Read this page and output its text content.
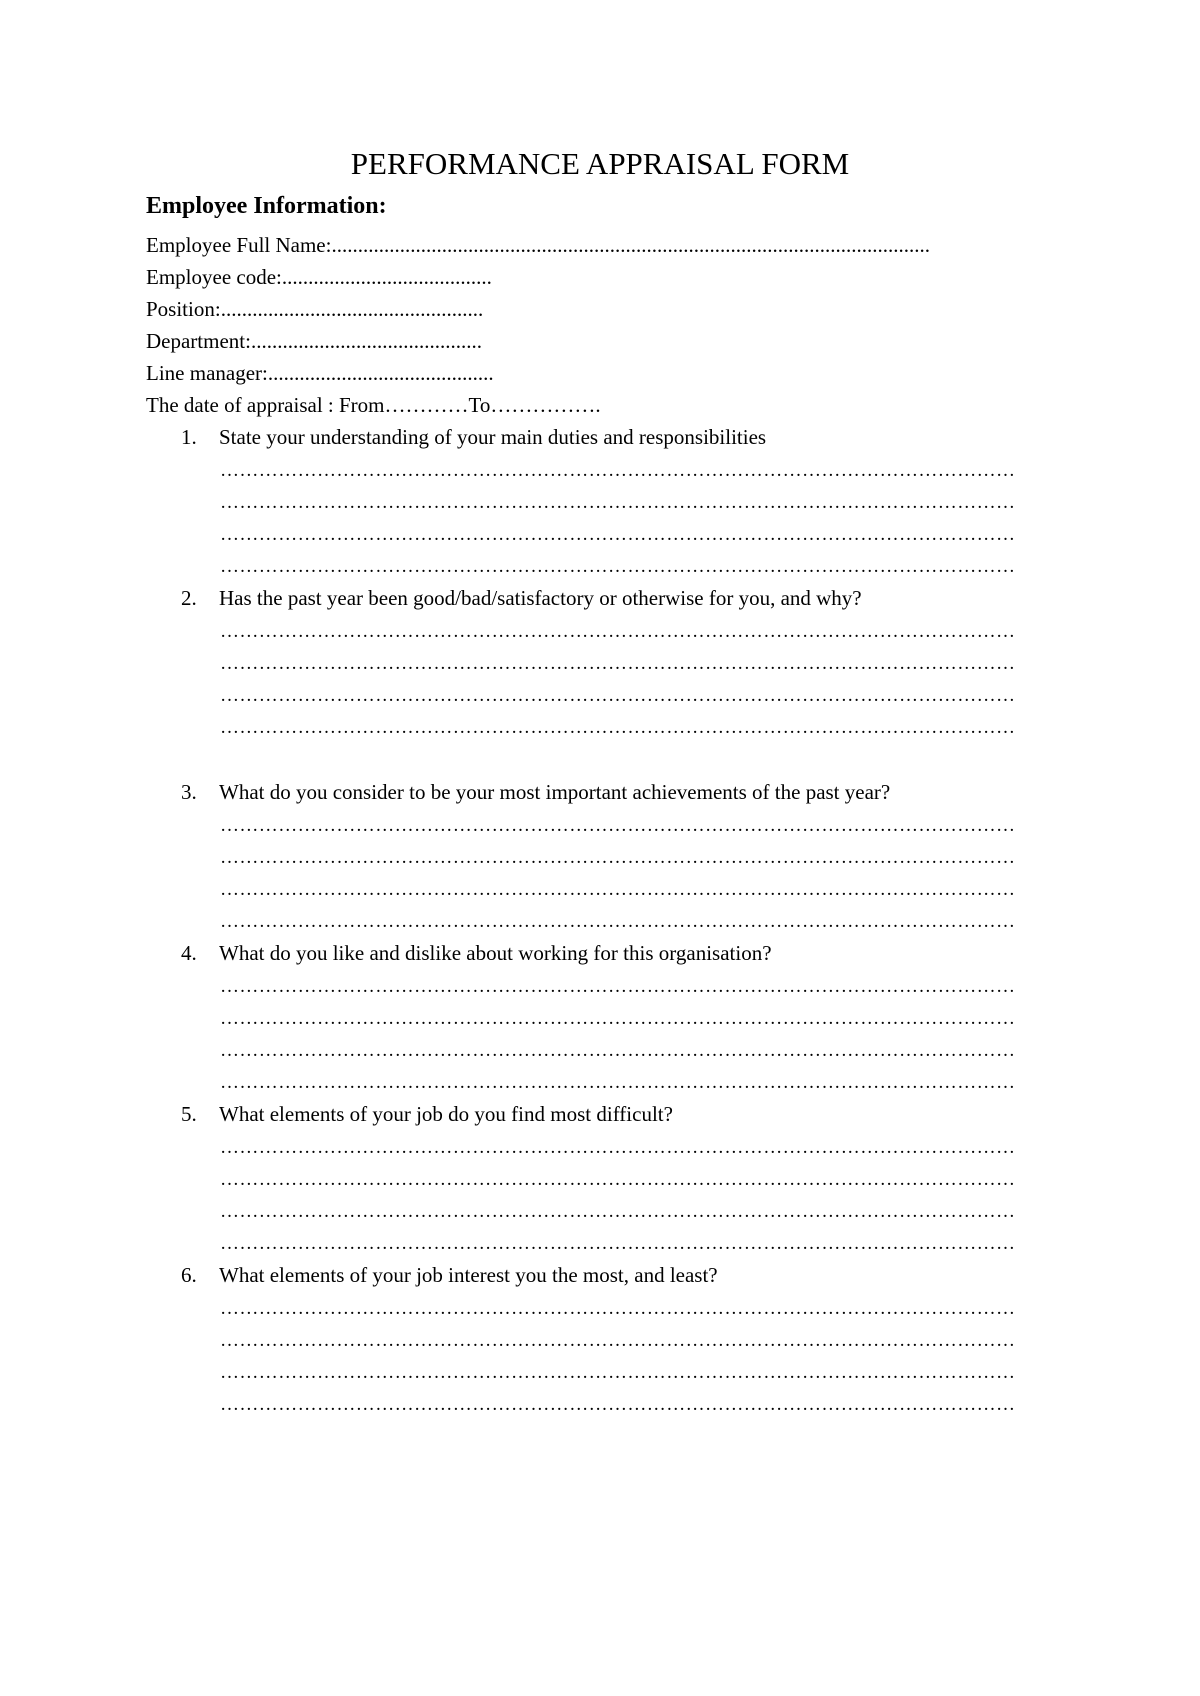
PERFORMANCE APPRAISAL FORM
Employee Information:
Employee Full Name:..................................................................................................................
Employee code:........................................
Position:..................................................
Department:............................................
Line manager:...........................................
The date of appraisal : From…………To…………….
1. State your understanding of your main duties and responsibilities
……………………………………………………………………………………………………………
……………………………………………………………………………………………………………
……………………………………………………………………………………………………………
……………………………………………………………………………………………………………
2. Has the past year been good/bad/satisfactory or otherwise for you, and why?
……………………………………………………………………………………………………………
……………………………………………………………………………………………………………
……………………………………………………………………………………………………………
……………………………………………………………………………………………………………
3. What do you consider to be your most important achievements of the past year?
……………………………………………………………………………………………………………
……………………………………………………………………………………………………………
……………………………………………………………………………………………………………
……………………………………………………………………………………………………………
4. What do you like and dislike about working for this organisation?
……………………………………………………………………………………………………………
……………………………………………………………………………………………………………
……………………………………………………………………………………………………………
……………………………………………………………………………………………………………
5. What elements of your job do you find most difficult?
……………………………………………………………………………………………………………
……………………………………………………………………………………………………………
……………………………………………………………………………………………………………
……………………………………………………………………………………………………………
6. What elements of your job interest you the most, and least?
……………………………………………………………………………………………………………
……………………………………………………………………………………………………………
……………………………………………………………………………………………………………
……………………………………………………………………………………………………………
